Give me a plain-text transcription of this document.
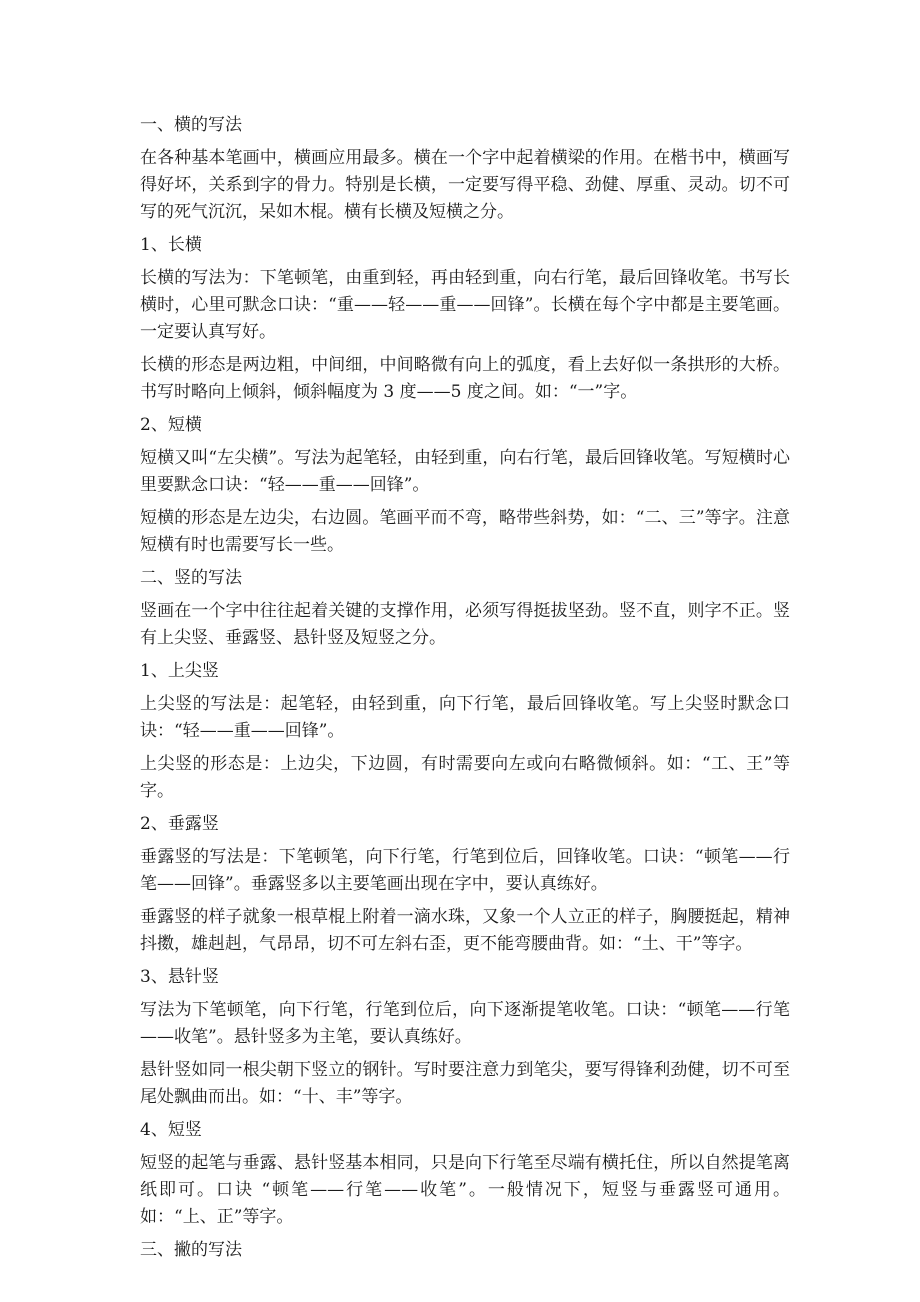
一、横的写法
在各种基本笔画中，横画应用最多。横在一个字中起着横梁的作用。在楷书中，横画写得好坏，关系到字的骨力。特别是长横，一定要写得平稳、劲健、厚重、灵动。切不可写的死气沉沉，呆如木棍。横有长横及短横之分。
1、长横
长横的写法为：下笔顿笔，由重到轻，再由轻到重，向右行笔，最后回锋收笔。书写长横时，心里可默念口诀：“重——轻——重——回锋”。长横在每个字中都是主要笔画。一定要认真写好。
长横的形态是两边粗，中间细，中间略微有向上的弧度，看上去好似一条拱形的大桥。书写时略向上倾斜，倾斜幅度为 3 度——5 度之间。如：“一”字。
2、短横
短横又叫“左尖横”。写法为起笔轻，由轻到重，向右行笔，最后回锋收笔。写短横时心里要默念口诀：“轻——重——回锋”。
短横的形态是左边尖，右边圆。笔画平而不弯，略带些斜势，如：“二、三”等字。注意短横有时也需要写长一些。
二、竖的写法
竖画在一个字中往往起着关键的支撑作用，必须写得挺拔坚劲。竖不直，则字不正。竖有上尖竖、垂露竖、悬针竖及短竖之分。
1、上尖竖
上尖竖的写法是：起笔轻，由轻到重，向下行笔，最后回锋收笔。写上尖竖时默念口诀：“轻——重——回锋”。
上尖竖的形态是：上边尖，下边圆，有时需要向左或向右略微倾斜。如：“工、王”等字。
2、垂露竖
垂露竖的写法是：下笔顿笔，向下行笔，行笔到位后，回锋收笔。口诀：“顿笔——行笔——回锋”。垂露竖多以主要笔画出现在字中，要认真练好。
垂露竖的样子就象一根草棍上附着一滴水珠，又象一个人立正的样子，胸腰挺起，精神抖擞，雄赳赳，气昂昂，切不可左斜右歪，更不能弯腰曲背。如：“土、干”等字。
3、悬针竖
写法为下笔顿笔，向下行笔，行笔到位后，向下逐渐提笔收笔。口诀：“顿笔——行笔——收笔”。悬针竖多为主笔，要认真练好。
悬针竖如同一根尖朝下竖立的钢针。写时要注意力到笔尖，要写得锋利劲健，切不可至尾处飘曲而出。如：“十、丰”等字。
4、短竖
短竖的起笔与垂露、悬针竖基本相同，只是向下行笔至尽端有横托住，所以自然提笔离纸即可。口诀 “顿笔——行笔——收笔”。一般情况下，短竖与垂露竖可通用。如：“上、正”等字。
三、撇的写法
